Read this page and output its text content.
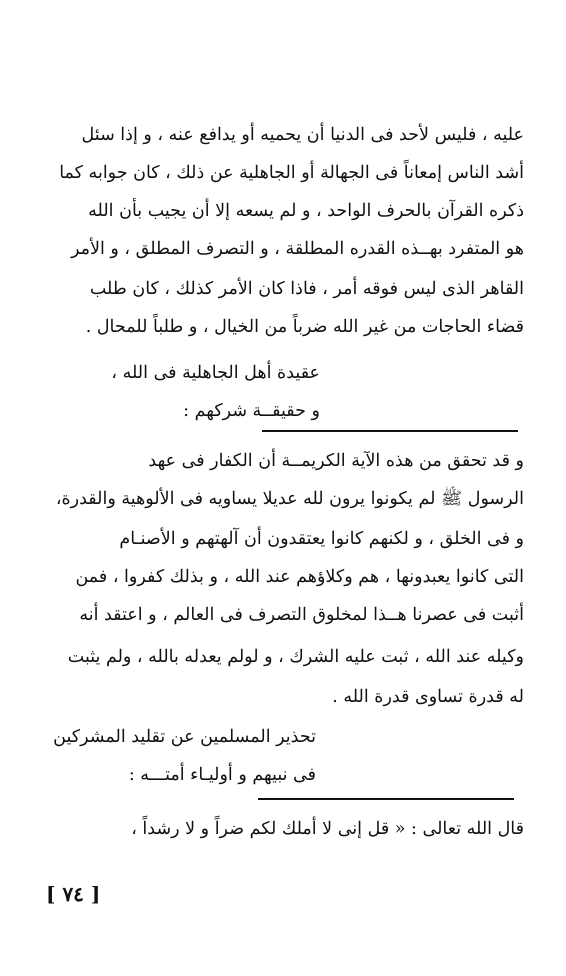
عليه ، فليس لأحد فى الدنيا أن يحميه أو يدافع عنه ، و إذا سئل
أشد الناس إمعاناً فى الجهالة أو الجاهلية عن ذلك ، كان جوابه كما
ذكره القرآن بالحرف الواحد ، و لم يسعه إلا أن يجيب بأن الله
هو المتفرد بهــذه القدره المطلقة ، و التصرف المطلق ، و الأمر
القاهر الذى ليس فوقه أمر ، فاذا كان الأمر كذلك ، كان طلب
قضاء الحاجات من غير الله ضرباً من الخيال ، و طلباً للمحال .
عقيدة أهل الجاهلية فى الله ،
و حقيقــة شركهم :
و قد تحقق من هذه الآية الكريمــة أن الكفار فى عهد
الرسول ﷺ لم يكونوا يرون لله عديلا يساويه فى الألوهية والقدرة،
و فى الخلق ، و لكنهم كانوا يعتقدون أن آلهتهم و الأصنـام
التى كانوا يعبدونها ، هم وكلاؤهم عند الله ، و بذلك كفروا ، فمن
أثبت فى عصرنا هــذا لمخلوق التصرف فى العالم ، و اعتقد أنه
وكيله عند الله ، ثبت عليه الشرك ، و لولم يعدله بالله ، ولم يثبت
له قدرة تساوى قدرة الله .
تحذير المسلمين عن تقليد المشركين
فى نبيهم و أوليـاء أمتـــه :
قال الله تعالى : « قل إنى لا أملك لكم ضراً و لا رشداً ،
[ ٧٤ ]
